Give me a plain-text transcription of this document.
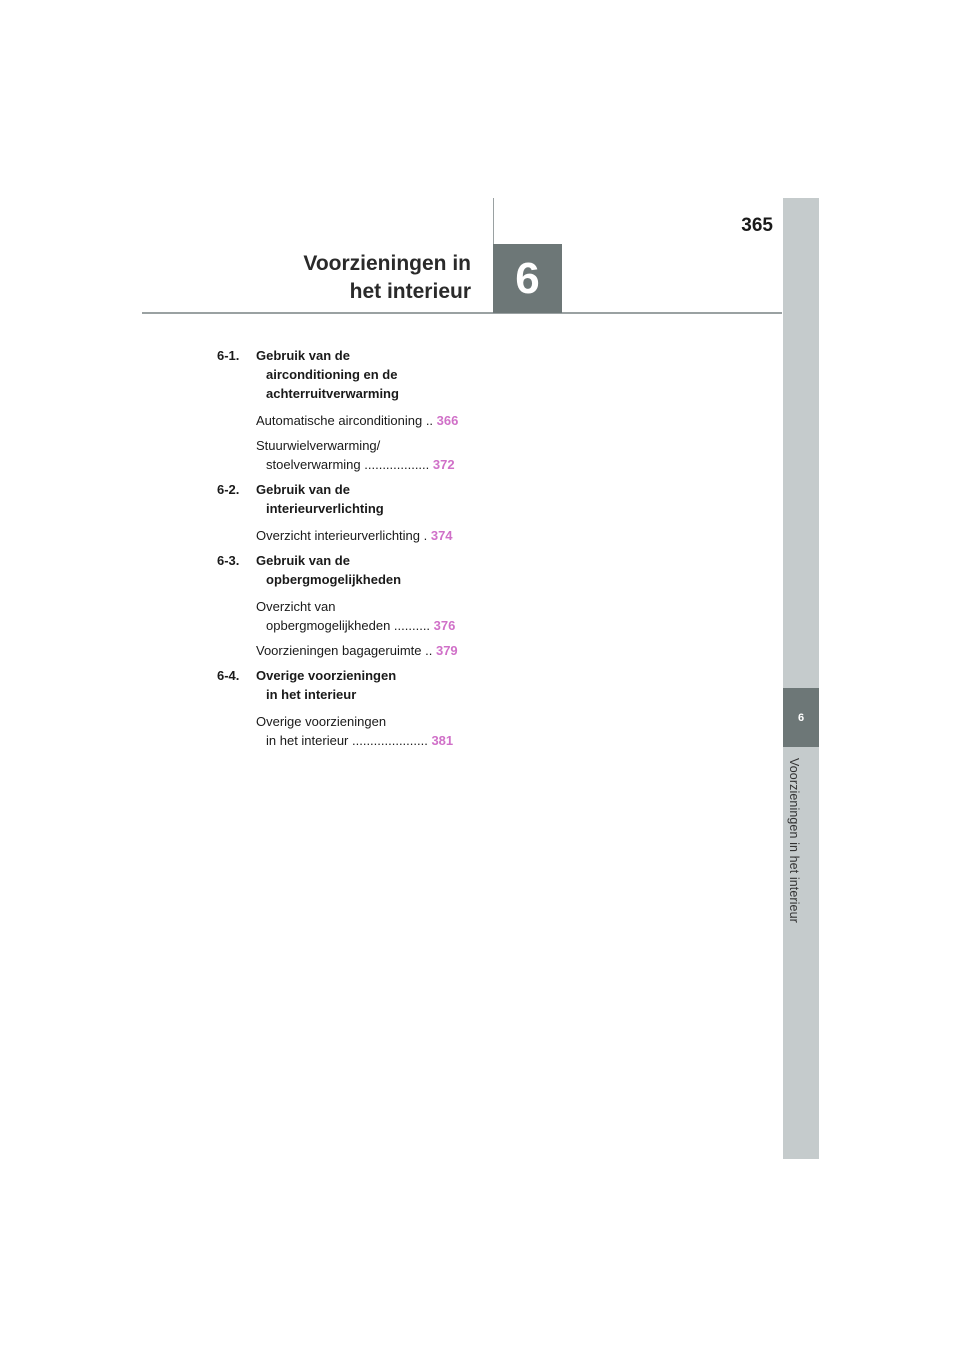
6
Voorzieningen in het interieur
6
365
Voorzieningen in
het interieur
6-1. Gebruik van de
airconditioning en de
achterruitverwarming
Automatische airconditioning .. 366
Stuurwielverwarming/
stoelverwarming .................. 372
6-2. Gebruik van de
interieurverlichting
Overzicht interieurverlichting . 374
6-3. Gebruik van de
opbergmogelijkheden
Overzicht van
opbergmogelijkheden .......... 376
Voorzieningen bagageruimte .. 379
6-4. Overige voorzieningen
in het interieur
Overige voorzieningen
in het interieur ..................... 381
